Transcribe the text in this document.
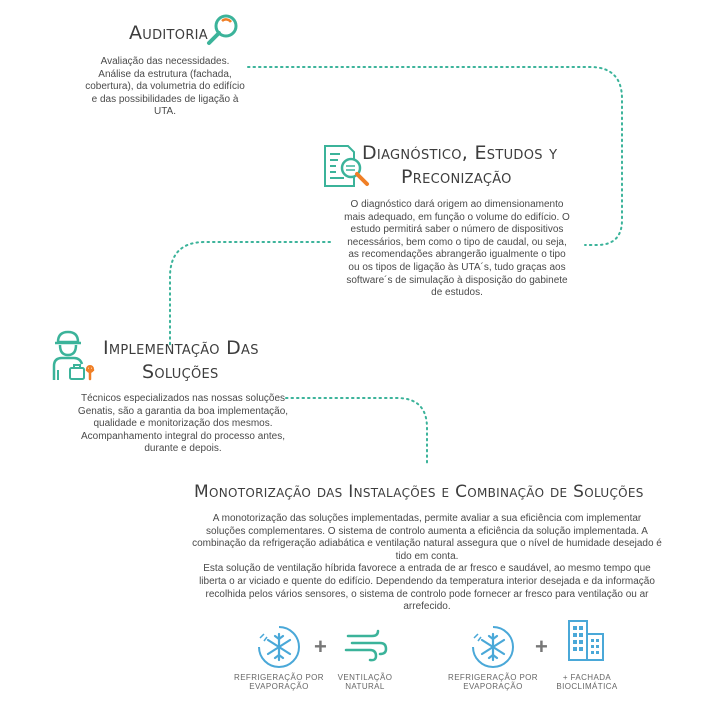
Auditoria
Avaliação das necessidades. Análise da estrutura (fachada, cobertura), da volumetria do edifício e das possibilidades de ligação à UTA.
Diagnóstico, Estudos y
Preconização
O diagnóstico dará origem ao dimensionamento mais adequado, em função o volume do edifício. O estudo permitirá saber o número de dispositivos necessários, bem como o tipo de caudal, ou seja, as recomendações abrangerão igualmente o tipo ou os tipos de ligação às UTA´s, tudo graças aos software´s de simulação à disposição do gabinete de estudos.
Implementação Das
Soluções
Técnicos especializados nas nossas soluções Genatis, são a garantia da boa implementação, qualidade e monitorização dos mesmos. Acompanhamento integral do processo antes, durante e depois.
Monotorização das Instalações e Combinação de Soluções

A monotorização das soluções implementadas, permite avaliar a sua eficiência com implementar soluções complementares. O sistema de controlo aumenta a eficiência da solução implementada. A combinação da refrigeração adiabática e ventilação natural assegura que o nível de humidade desejado é tido em conta.

Esta solução de ventilação híbrida favorece a entrada de ar fresco e saudável, ao mesmo tempo que liberta o ar viciado e quente do edifício. Dependendo da temperatura interior desejada e da informação recolhida pelos vários sensores, o sistema de controlo pode fornecer ar fresco para ventilação ou ar arrefecido.

+
REFRIGERAÇÃO POR EVAPORAÇÃO
VENTILAÇÃO NATURAL
+
REFRIGERAÇÃO POR EVAPORAÇÃO
+ FACHADA BIOCLIMÁTICA
